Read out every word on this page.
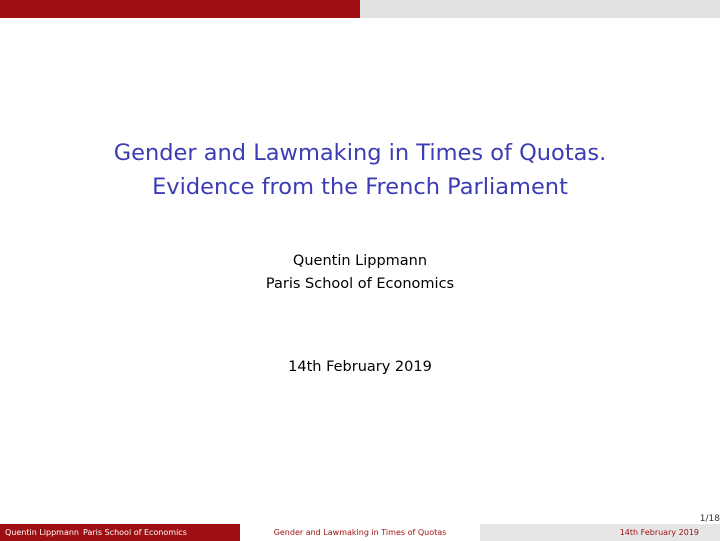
Gender and Lawmaking in Times of Quotas.
Evidence from the French Parliament
Quentin Lippmann
Paris School of Economics
14th February 2019
1/18
Quentin Lippmann Paris School of Economics	Gender and Lawmaking in Times of Quotas	14th February 2019
